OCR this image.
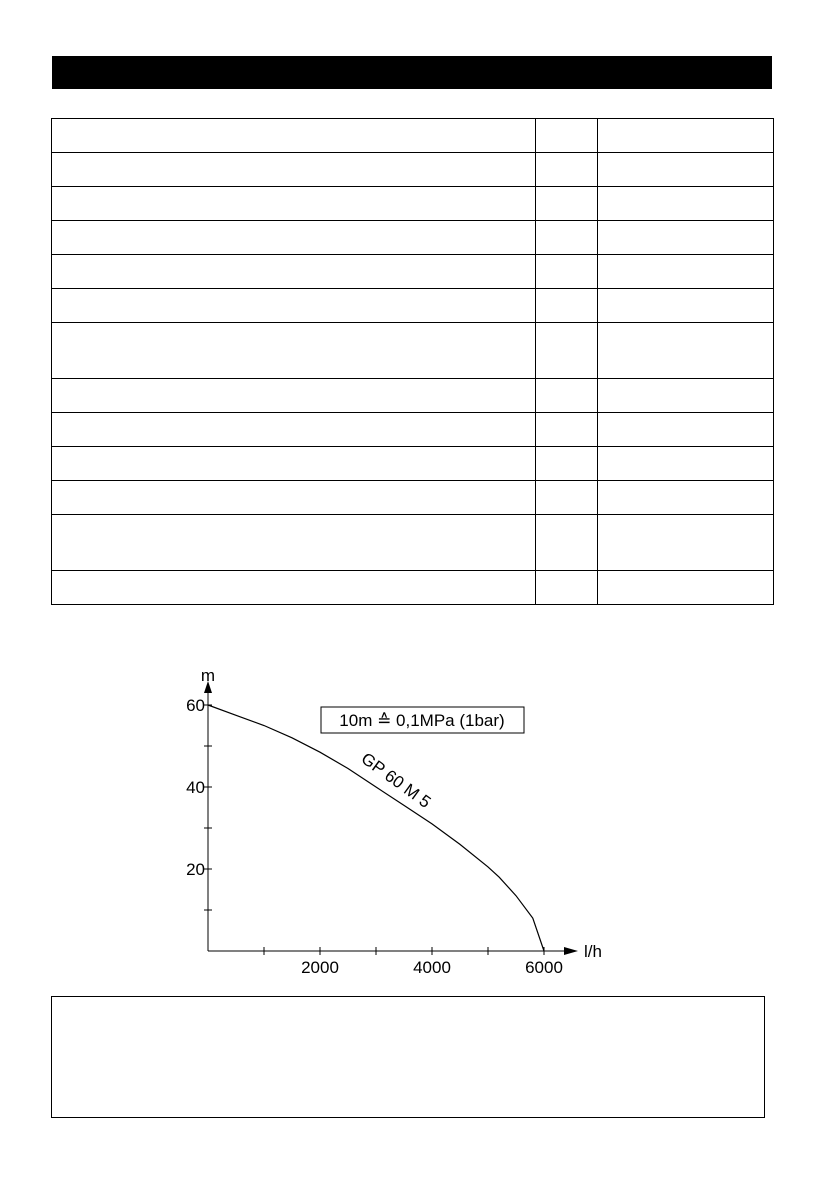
2000	4000	6000
20
40
60
m
l/h
10m ≙ 0,1MPa (1bar)
GP 60 M 5
